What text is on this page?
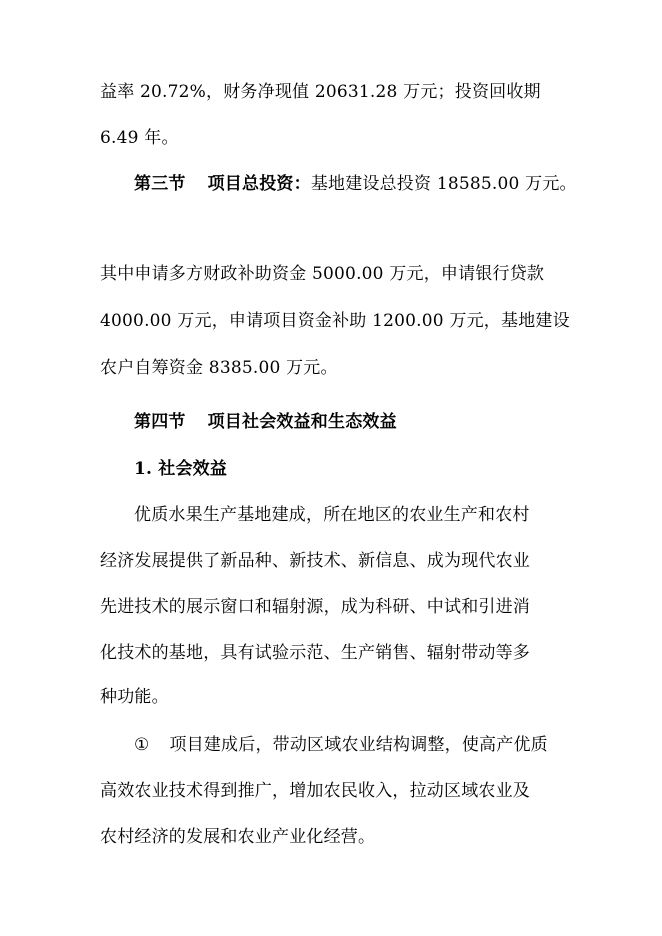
益率 20.72%，财务净现值 20631.28 万元；投资回收期
6.49 年。
第三节 项目总投资：基地建设总投资 18585.00 万元。
其中申请多方财政补助资金 5000.00 万元，申请银行贷款
4000.00 万元，申请项目资金补助 1200.00 万元，基地建设
农户自筹资金 8385.00 万元。
第四节 项目社会效益和生态效益
1. 社会效益
优质水果生产基地建成，所在地区的农业生产和农村
经济发展提供了新品种、新技术、新信息、成为现代农业
先进技术的展示窗口和辐射源，成为科研、中试和引进消
化技术的基地，具有试验示范、生产销售、辐射带动等多
种功能。
① 项目建成后，带动区域农业结构调整，使高产优质
高效农业技术得到推广，增加农民收入，拉动区域农业及
农村经济的发展和农业产业化经营。
